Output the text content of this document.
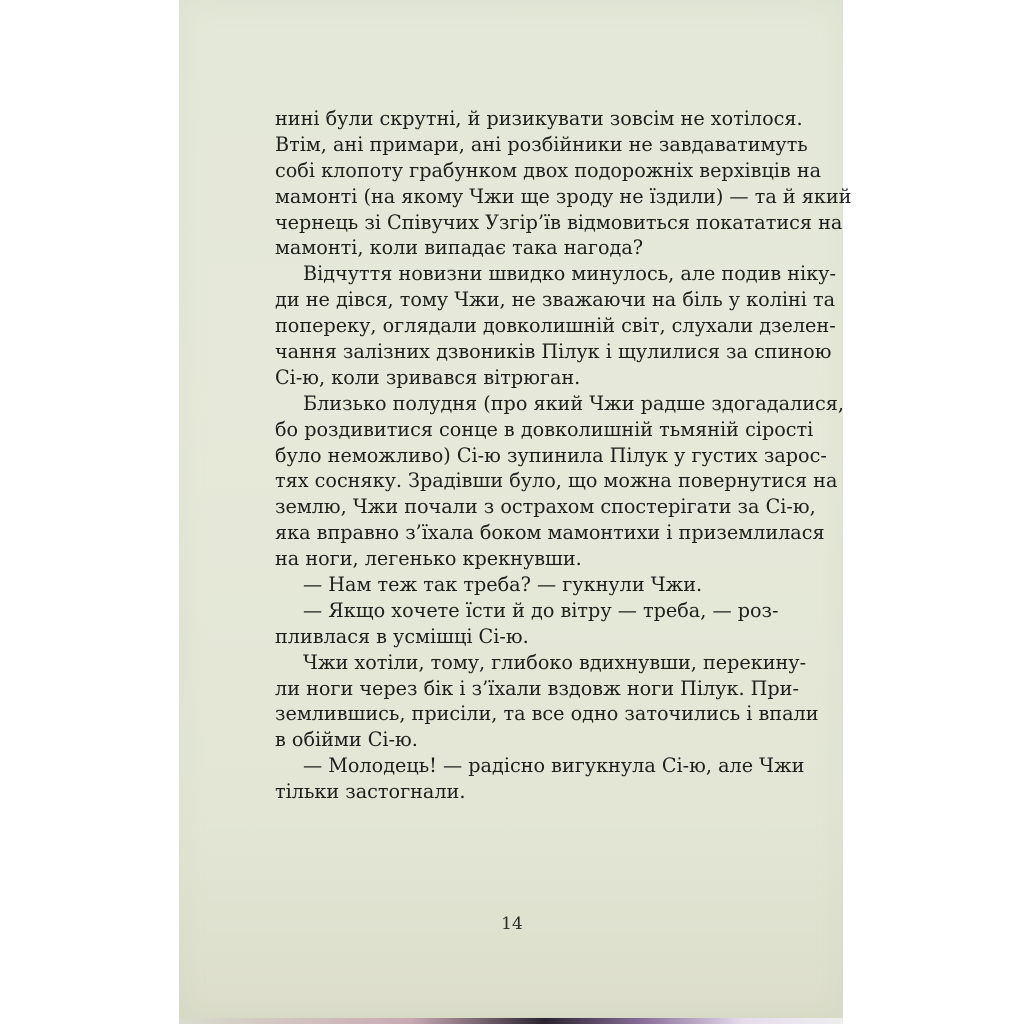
нині були скрутні, й ризикувати зовсім не хотілося.
Втім, ані примари, ані розбійники не завдаватимуть
собі клопоту грабунком двох подорожніх верхівців на
мамонті (на якому Чжи ще зроду не їздили) — та й який
чернець зі Співучих Узгір’їв відмовиться покататися на
мамонті, коли випадає така нагода?

Відчуття новизни швидко минулось, але подив ніку-
ди не дівся, тому Чжи, не зважаючи на біль у коліні та
попереку, оглядали довколишній світ, слухали дзелен-
чання залізних дзвоників Пілук і щулилися за спиною
Сі-ю, коли зривався вітрюган.

Близько полудня (про який Чжи радше здогадалися,
бо роздивитися сонце в довколишній тьмяній сірості
було неможливо) Сі-ю зупинила Пілук у густих зарос-
тях сосняку. Зрадівши було, що можна повернутися на
землю, Чжи почали з острахом спостерігати за Сі-ю,
яка вправно з’їхала боком мамонтихи і приземлилася
на ноги, легенько крекнувши.

— Нам теж так треба? — гукнули Чжи.

— Якщо хочете їсти й до вітру — треба, — роз-
пливлася в усмішці Сі-ю.

Чжи хотіли, тому, глибоко вдихнувши, перекину-
ли ноги через бік і з’їхали вздовж ноги Пілук. При-
землившись, присіли, та все одно заточились і впали
в обійми Сі-ю.

— Молодець! — радісно вигукнула Сі-ю, але Чжи
тільки застогнали.

14
